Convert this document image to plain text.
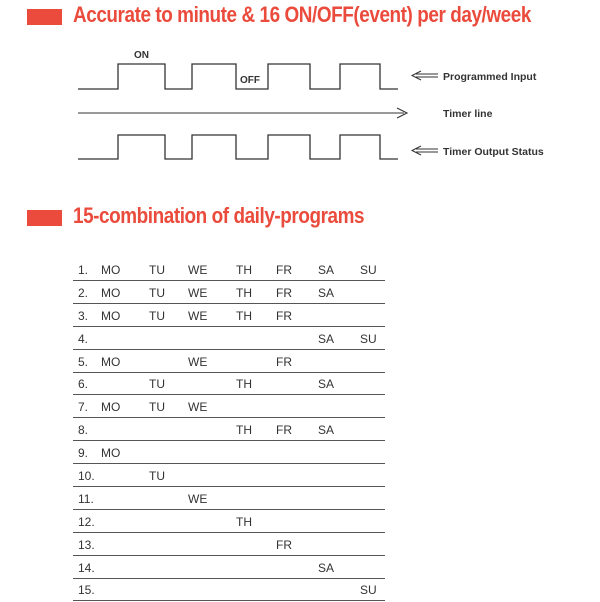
Accurate to minute & 16 ON/OFF(event) per day/week
ON
OFF	Programmed Input
Timer line
Timer Output Status
15-combination of daily-programs
1. MO TU WE TH FR SA SU
2. MO TU WE TH FR SA
3. MO TU WE TH FR
4.	SA SU
5. MO	WE	FR
6.	TU	TH	SA
7. MO TU WE
8.	TH FR SA
9. MO
10.	TU
11.	WE
12.	TH
13.	FR
14.	SA
15.	SU
